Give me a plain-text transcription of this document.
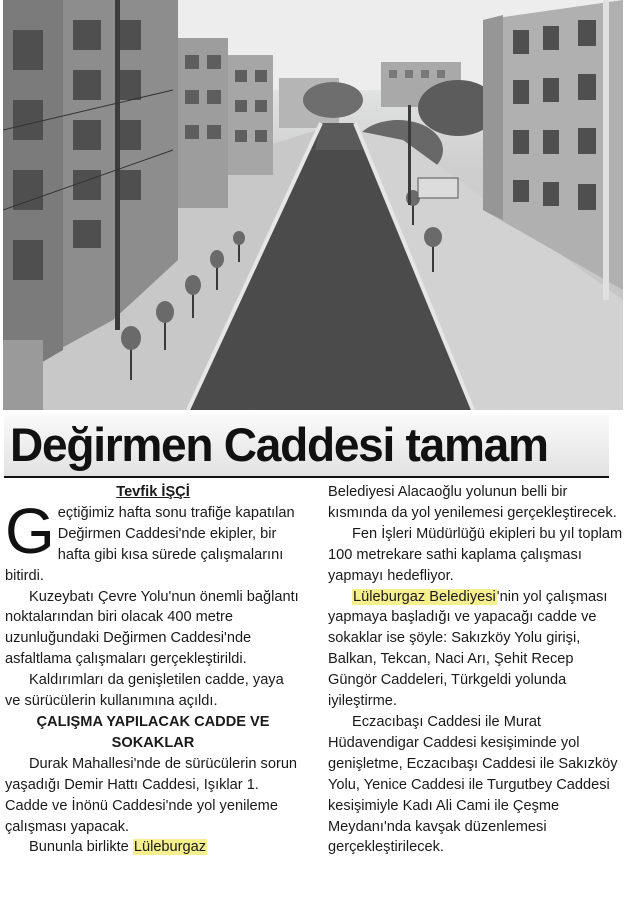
Değirmen Caddesi tamam

Tevfik İŞÇİ

Geçtiğimiz hafta sonu trafiğe kapatılan Değirmen Caddesi'nde ekipler, bir hafta gibi kısa sürede çalışmalarını bitirdi.

Kuzeybatı Çevre Yolu'nun önemli bağlantı noktalarından biri olacak 400 metre uzunluğundaki Değirmen Caddesi'nde asfaltlama çalışmaları gerçekleştirildi.

Kaldırımları da genişletilen cadde, yaya ve sürücülerin kullanımına açıldı.

ÇALIŞMA YAPILACAK CADDE VE SOKAKLAR

Durak Mahallesi'nde de sürücülerin sorun yaşadığı Demir Hattı Caddesi, Işıklar 1. Cadde ve İnönü Caddesi'nde yol yenileme çalışması yapacak.

Bununla birlikte Lüleburgaz

Belediyesi Alacaoğlu yolunun belli bir kısmında da yol yenilemesi gerçekleştirecek.

Fen İşleri Müdürlüğü ekipleri bu yıl toplam 100 metrekare sathi kaplama çalışması yapmayı hedefliyor.

Lüleburgaz Belediyesi'nin yol çalışması yapmaya başladığı ve yapacağı cadde ve sokaklar ise şöyle: Sakızköy Yolu girişi, Balkan, Tekcan, Naci Arı, Şehit Recep Güngör Caddeleri, Türkgeldi yolunda iyileştirme.

Eczacıbaşı Caddesi ile Murat Hüdavendigar Caddesi kesişiminde yol genişletme, Eczacıbaşı Caddesi ile Sakızköy Yolu, Yenice Caddesi ile Turgutbey Caddesi kesişimiyle Kadı Ali Cami ile Çeşme Meydanı'nda kavşak düzenlemesi gerçekleştirilecek.
